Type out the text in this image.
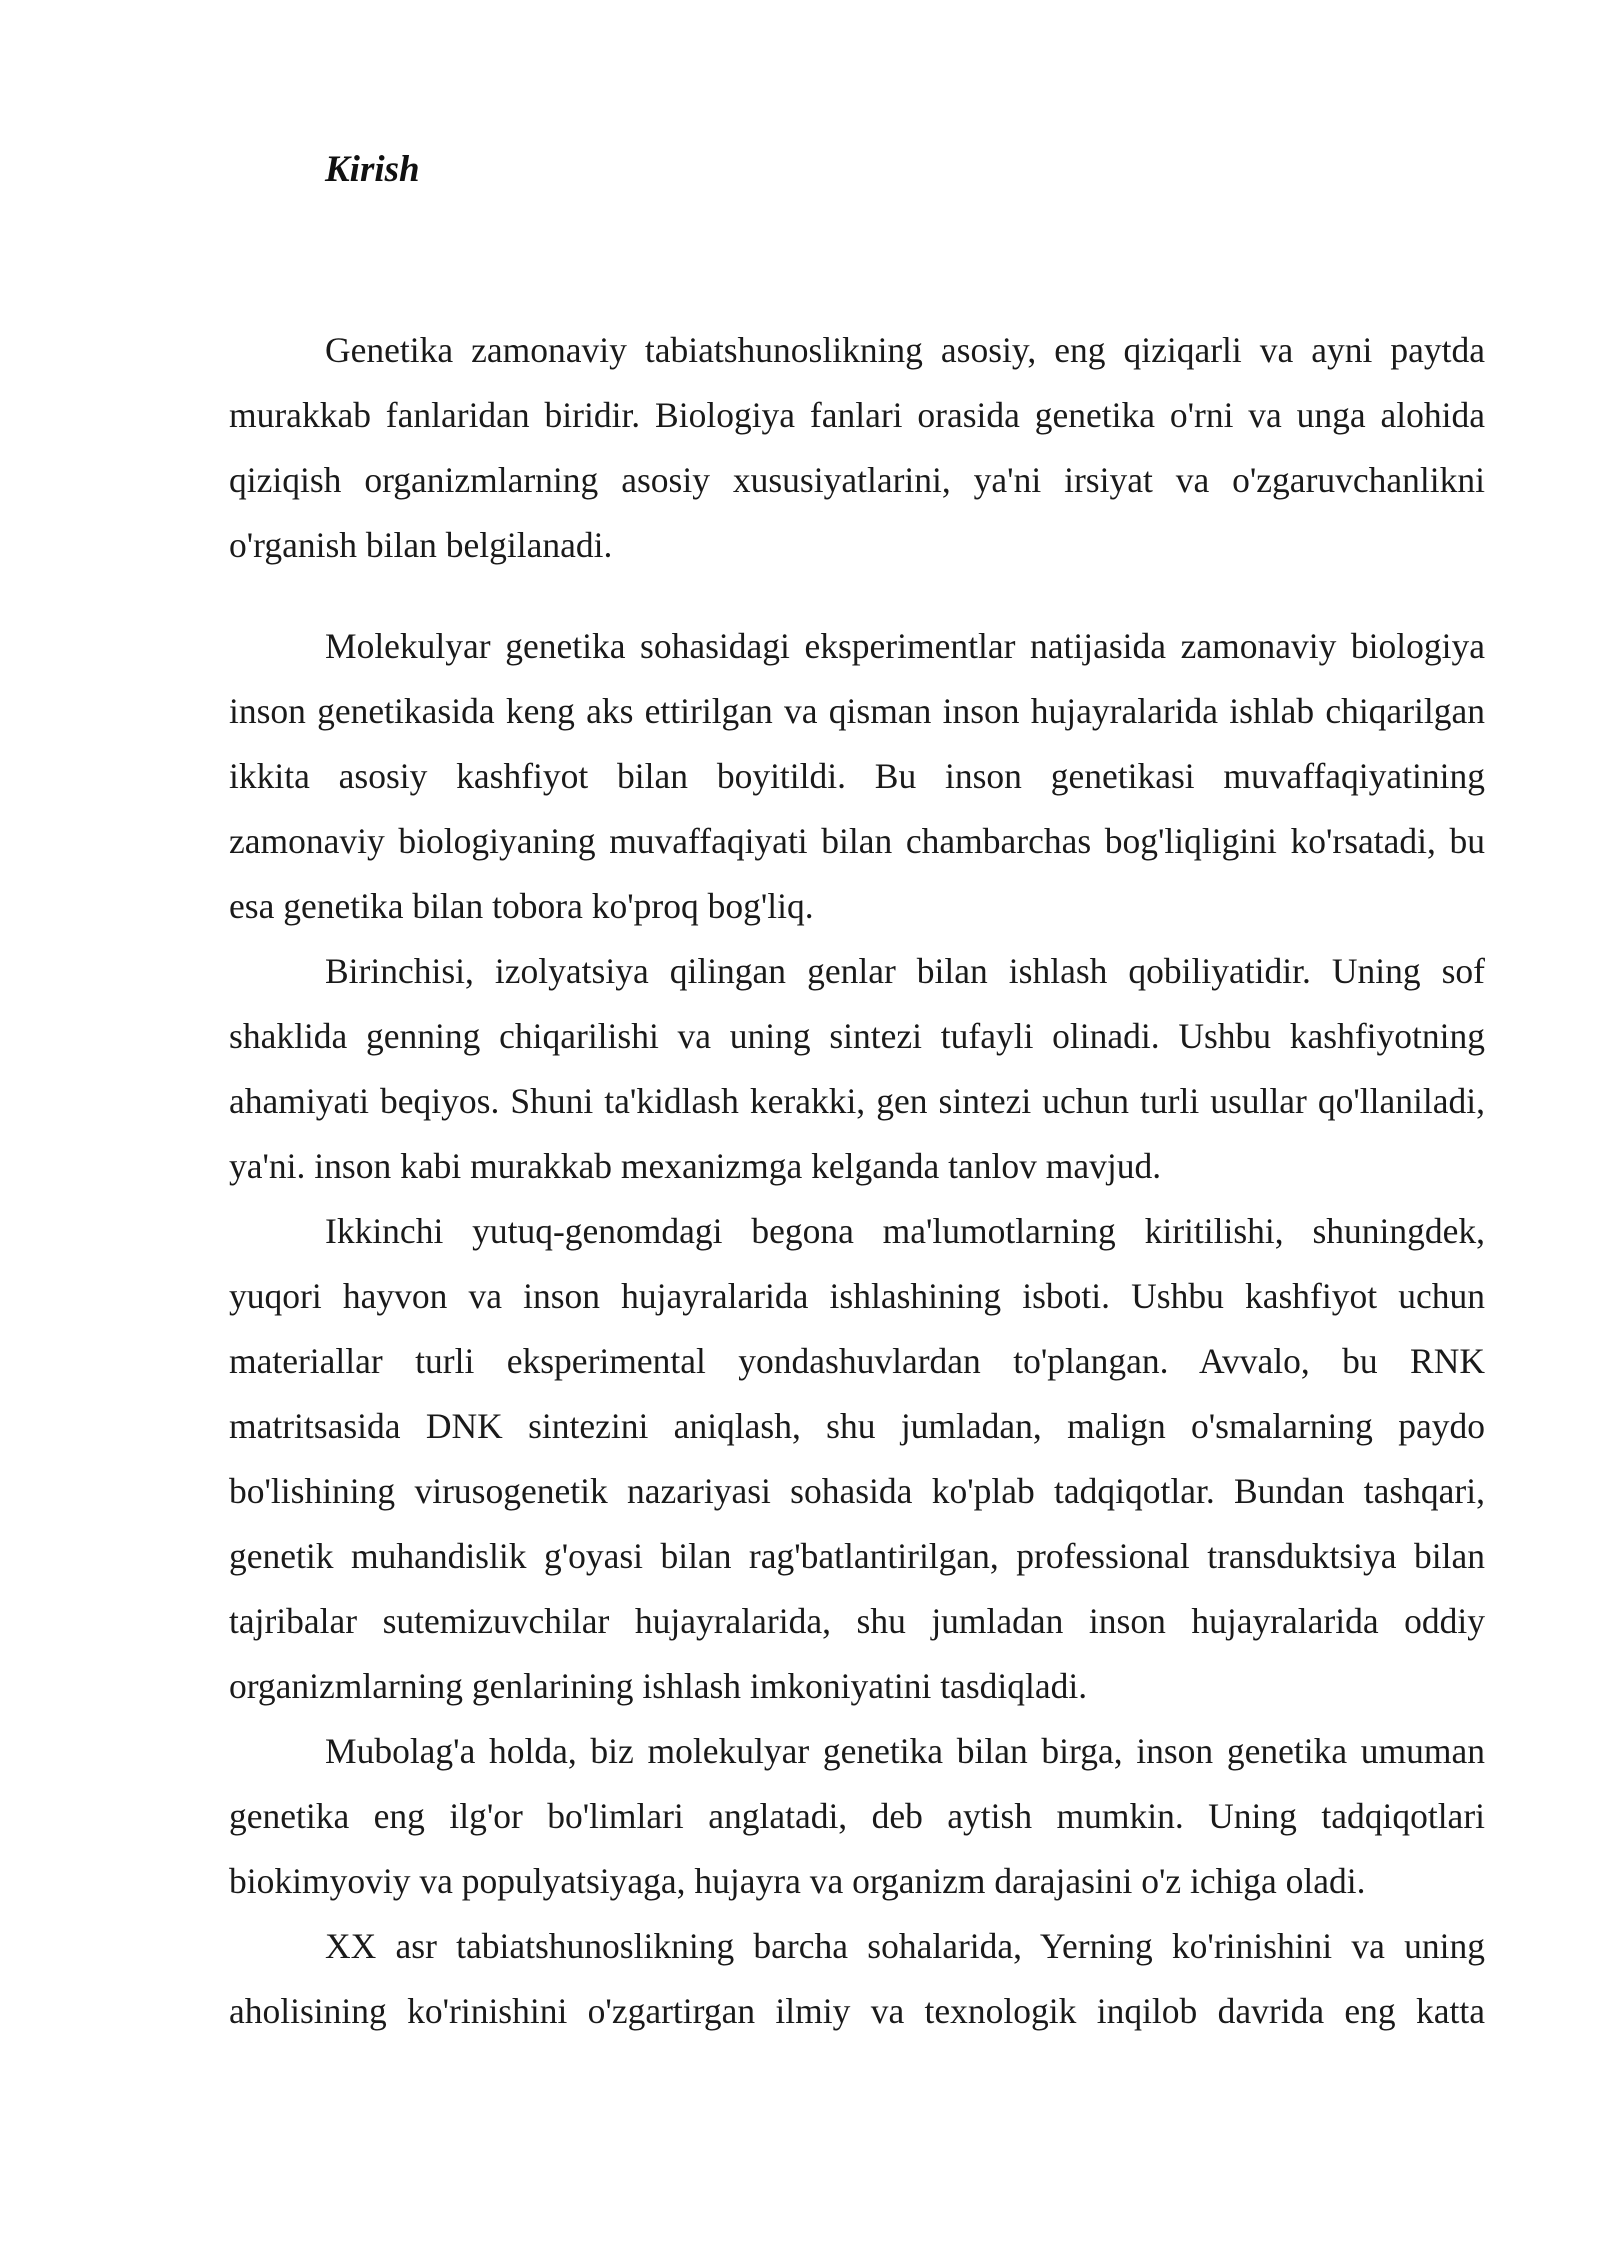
Kirish

Genetika zamonaviy tabiatshunoslikning asosiy, eng qiziqarli va ayni paytda murakkab fanlaridan biridir. Biologiya fanlari orasida genetika o'rni va unga alohida qiziqish organizmlarning asosiy xususiyatlarini, ya'ni irsiyat va o'zgaruvchanlikni o'rganish bilan belgilanadi.

Molekulyar genetika sohasidagi eksperimentlar natijasida zamonaviy biologiya inson genetikasida keng aks ettirilgan va qisman inson hujayralarida ishlab chiqarilgan ikkita asosiy kashfiyot bilan boyitildi. Bu inson genetikasi muvaffaqiyatining zamonaviy biologiyaning muvaffaqiyati bilan chambarchas bog'liqligini ko'rsatadi, bu esa genetika bilan tobora ko'proq bog'liq.

Birinchisi, izolyatsiya qilingan genlar bilan ishlash qobiliyatidir. Uning sof shaklida genning chiqarilishi va uning sintezi tufayli olinadi. Ushbu kashfiyotning ahamiyati beqiyos. Shuni ta'kidlash kerakki, gen sintezi uchun turli usullar qo'llaniladi, ya'ni. inson kabi murakkab mexanizmga kelganda tanlov mavjud.

Ikkinchi yutuq-genomdagi begona ma'lumotlarning kiritilishi, shuningdek, yuqori hayvon va inson hujayralarida ishlashining isboti. Ushbu kashfiyot uchun materiallar turli eksperimental yondashuvlardan to'plangan. Avvalo, bu RNK matritsasida DNK sintezini aniqlash, shu jumladan, malign o'smalarning paydo bo'lishining virusogenetik nazariyasi sohasida ko'plab tadqiqotlar. Bundan tashqari, genetik muhandislik g'oyasi bilan rag'batlantirilgan, professional transduktsiya bilan tajribalar sutemizuvchilar hujayralarida, shu jumladan inson hujayralarida oddiy organizmlarning genlarining ishlash imkoniyatini tasdiqladi.

Mubolag'a holda, biz molekulyar genetika bilan birga, inson genetika umuman genetika eng ilg'or bo'limlari anglatadi, deb aytish mumkin. Uning tadqiqotlari biokimyoviy va populyatsiyaga, hujayra va organizm darajasini o'z ichiga oladi.

XX asr tabiatshunoslikning barcha sohalarida, Yerning ko'rinishini va uning aholisining ko'rinishini o'zgartirgan ilmiy va texnologik inqilob davrida eng katta
